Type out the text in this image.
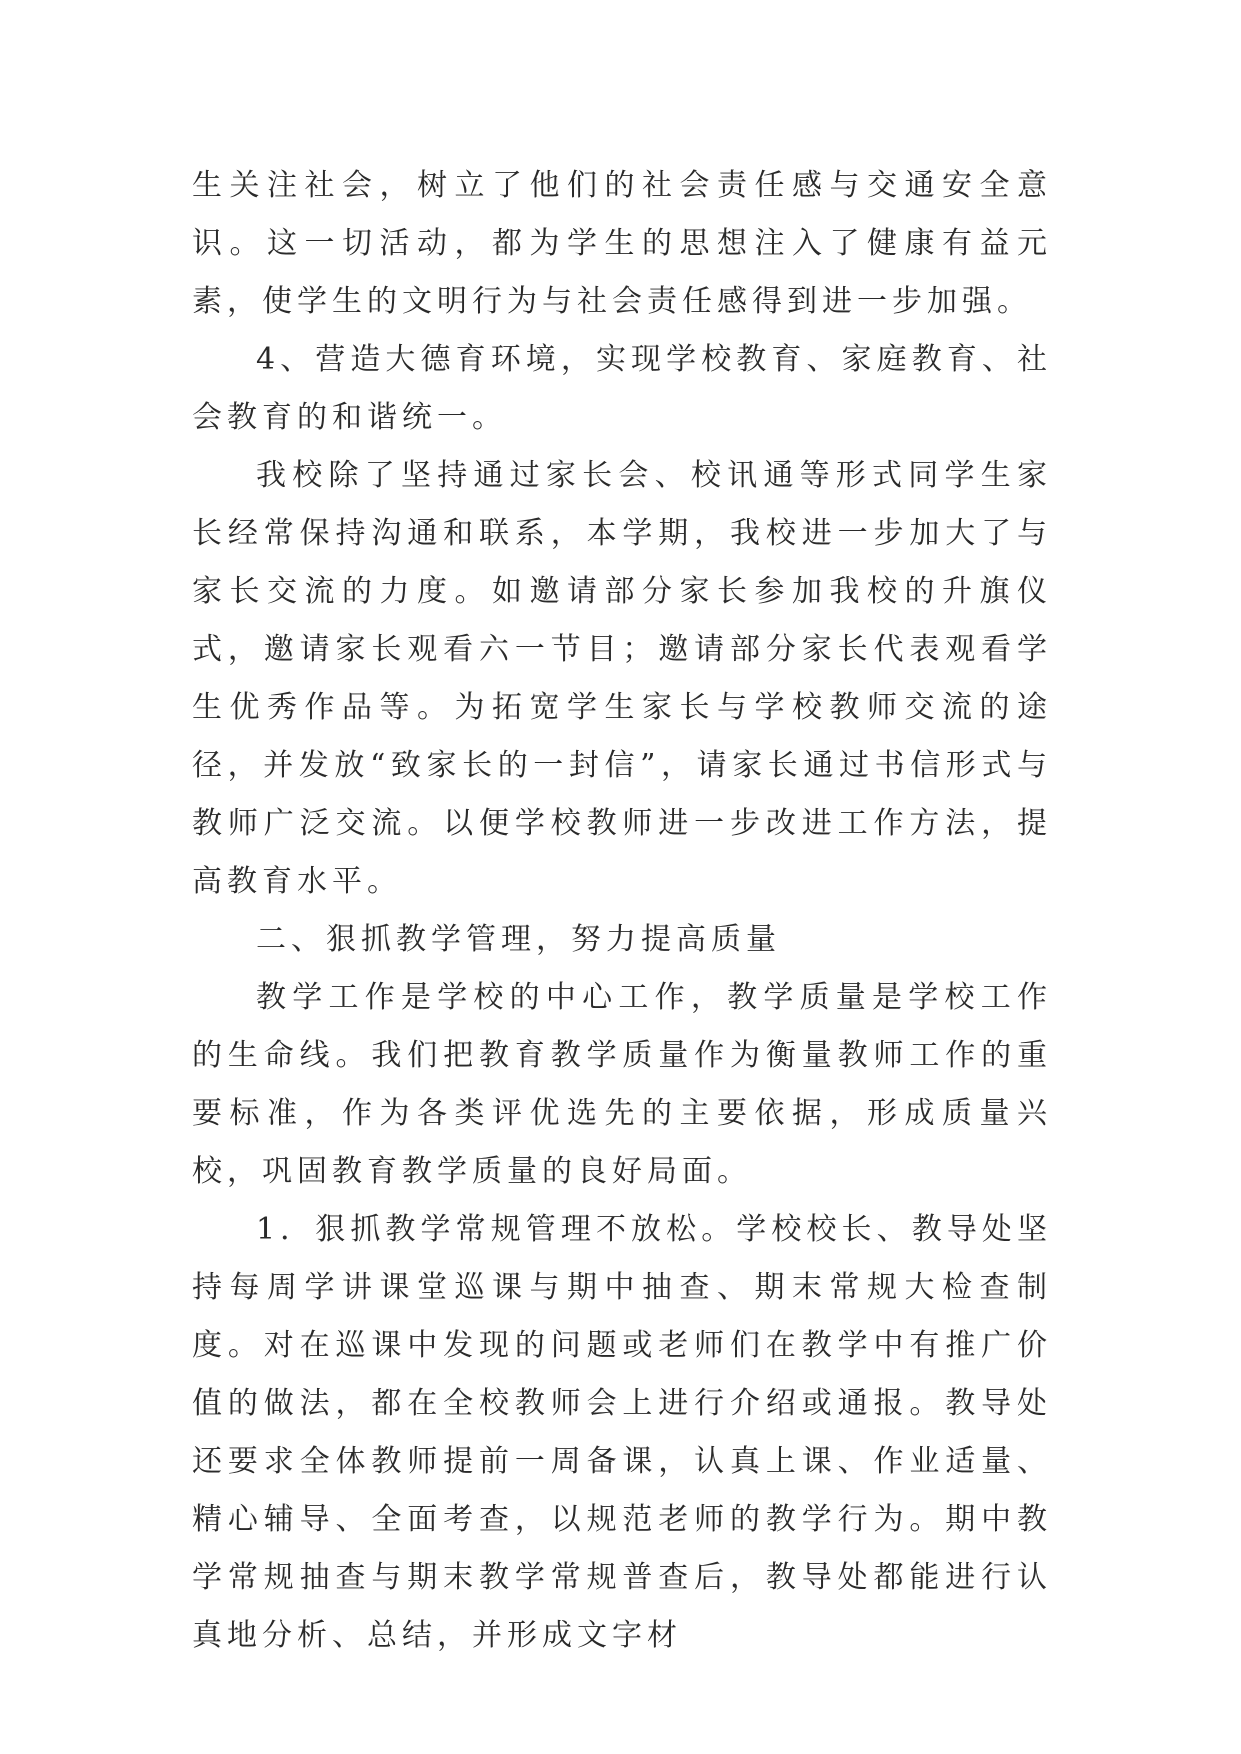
生关注社会，树立了他们的社会责任感与交通安全意识。这一切活动，都为学生的思想注入了健康有益元素，使学生的文明行为与社会责任感得到进一步加强。

4、营造大德育环境，实现学校教育、家庭教育、社会教育的和谐统一。

我校除了坚持通过家长会、校讯通等形式同学生家长经常保持沟通和联系，本学期，我校进一步加大了与家长交流的力度。如邀请部分家长参加我校的升旗仪式，邀请家长观看六一节目；邀请部分家长代表观看学生优秀作品等。为拓宽学生家长与学校教师交流的途径，并发放“致家长的一封信”，请家长通过书信形式与教师广泛交流。以便学校教师进一步改进工作方法，提高教育水平。

二、狠抓教学管理，努力提高质量

教学工作是学校的中心工作，教学质量是学校工作的生命线。我们把教育教学质量作为衡量教师工作的重要标准，作为各类评优选先的主要依据，形成质量兴校，巩固教育教学质量的良好局面。

1．狠抓教学常规管理不放松。学校校长、教导处坚持每周学讲课堂巡课与期中抽查、期末常规大检查制度。对在巡课中发现的问题或老师们在教学中有推广价值的做法，都在全校教师会上进行介绍或通报。教导处还要求全体教师提前一周备课，认真上课、作业适量、精心辅导、全面考查，以规范老师的教学行为。期中教学常规抽查与期末教学常规普查后，教导处都能进行认真地分析、总结，并形成文字材
